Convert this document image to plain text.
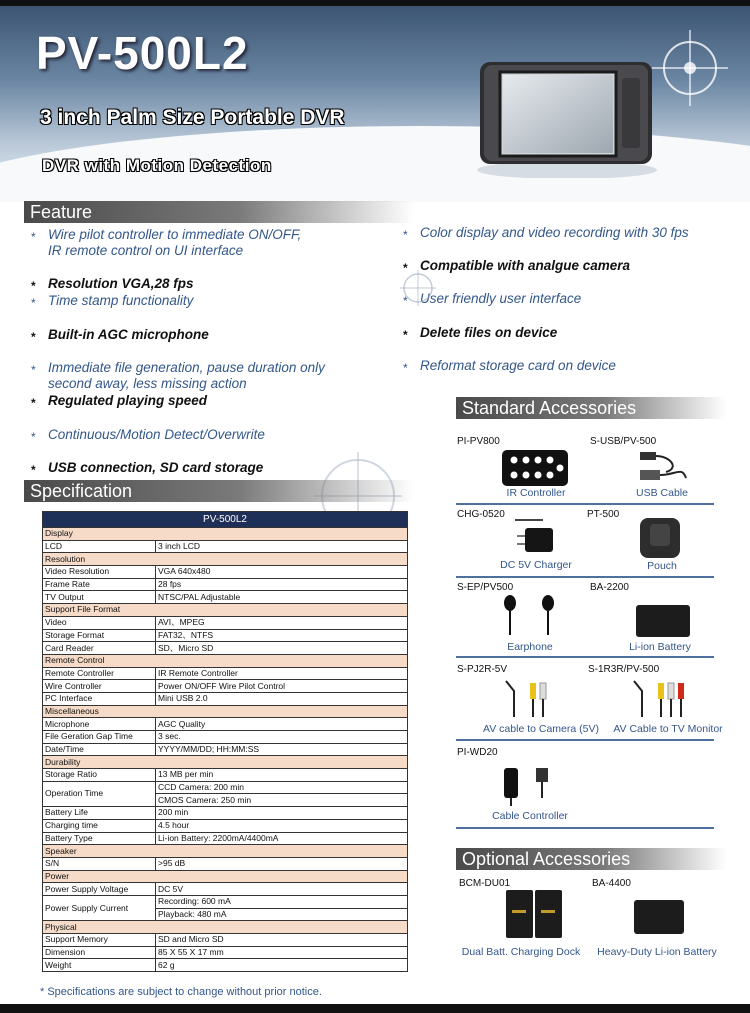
PV-500L2
3 inch Palm Size Portable DVR
DVR with Motion Detection
Feature
* Wire pilot controller to immediate ON/OFF,
IR remote control on UI interface
* Resolution VGA,28 fps
* Time stamp functionality
* Built-in AGC microphone
* Immediate file generation, pause duration only
second away, less missing action
* Regulated playing speed
* Continuous/Motion Detect/Overwrite
* USB connection, SD card storage
* Color display and video recording with 30 fps
* Compatible with analgue camera
* User friendly user interface
* Delete files on device
* Reformat storage card on device
Specification
PV-500L2	
Display	
LCD	3 inch LCD
Resolution	
Video Resolution	VGA 640x480
Frame Rate	28 fps
TV Output	NTSC/PAL Adjustable
Support File Format	
Video	AVI、MPEG
Storage Format	FAT32、NTFS
Card Reader	SD、Micro SD
Remote Control	
Remote Controller	IR Remote Controller
Wire Controller	Power ON/OFF Wire Pilot Control
PC Interface	Mini USB 2.0
Miscellaneous	
Microphone	AGC Quality
File Geration Gap Time	3 sec.
Date/Time	YYYY/MM/DD; HH:MM:SS
Durability	
Storage Ratio	13 MB per min
Operation Time	CCD Camera: 200 min
	CMOS Camera: 250 min
Battery Life	200 min
Charging time	4.5 hour
Battery Type	Li-ion Battery: 2200mA/4400mA
Speaker	
S/N	>95 dB
Power	
Power Supply Voltage	DC 5V
Power Supply Current	Recording: 600 mA
	Playback: 480 mA
Physical	
Support Memory	SD and Micro SD
Dimension	85 X 55 X 17 mm
Weight	62 g
* Specifications are subject to change without prior notice.
Standard Accessories
PI-PV800
IR Controller
S-USB/PV-500
USB Cable
CHG-0520
DC 5V Charger
PT-500
Pouch
S-EP/PV500
Earphone
BA-2200
Li-ion Battery
S-PJ2R-5V
AV cable to Camera (5V)
S-1R3R/PV-500
AV Cable to TV Monitor
PI-WD20
Cable Controller
Optional Accessories
BCM-DU01
Dual Batt. Charging Dock
BA-4400
Heavy-Duty Li-ion Battery
